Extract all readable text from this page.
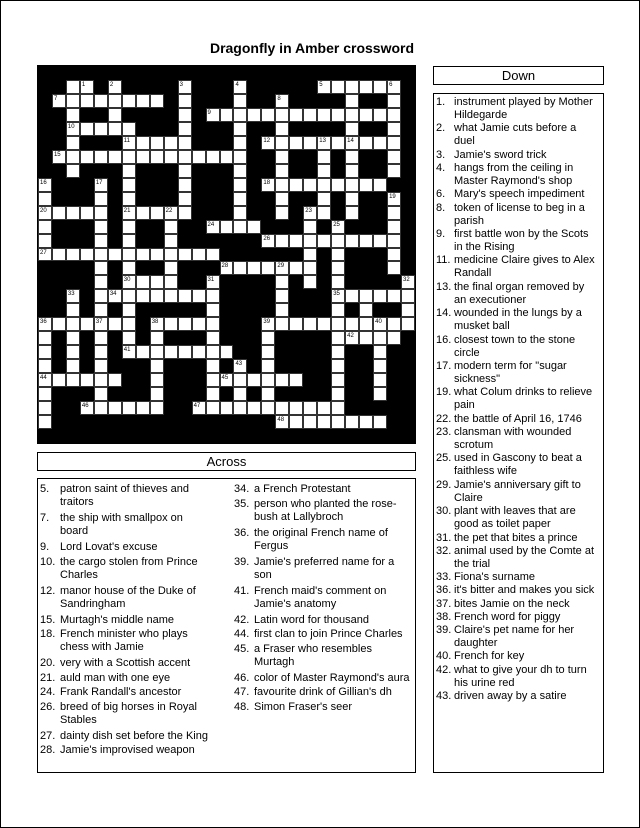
Dragonfly in Amber crossword
1	2	3	4	5	6
7	8
9
10
11	12	13	14
15
16	17	18
19
20	21	22	23
24	25
26
27
28	29
30	31	32
33	34	35
36	37	38	39	40
42
41
43
44	45
46	47
48
Down
1. instrument played by Mother Hildegarde
2. what Jamie cuts before a duel
3. Jamie's sword trick
4. hangs from the ceiling in Master Raymond's shop
6. Mary's speech impediment
8. token of license to beg in a parish
9. first battle won by the Scots in the Rising
11. medicine Claire gives to Alex Randall
13. the final organ removed by an executioner
14. wounded in the lungs by a musket ball
16. closest town to the stone circle
17. modern term for "sugar sickness"
19. what Colum drinks to relieve pain
22. the battle of April 16, 1746
23. clansman with wounded scrotum
25. used in Gascony to beat a faithless wife
29. Jamie's anniversary gift to Claire
30. plant with leaves that are good as toilet paper
31. the pet that bites a prince
32. animal used by the Comte at the trial
33. Fiona's surname
36. it's bitter and makes you sick
37. bites Jamie on the neck
38. French word for piggy
39. Claire's pet name for her daughter
40. French for key
42. what to give your dh to turn his urine red
43. driven away by a satire
Across
5. patron saint of thieves and traitors
7. the ship with smallpox on board
9. Lord Lovat's excuse
10. the cargo stolen from Prince Charles
12. manor house of the Duke of Sandringham
15. Murtagh's middle name
18. French minister who plays chess with Jamie
20. very with a Scottish accent
21. auld man with one eye
24. Frank Randall's ancestor
26. breed of big horses in Royal Stables
27. dainty dish set before the King
28. Jamie's improvised weapon
34. a French Protestant
35. person who planted the rose-bush at Lallybroch
36. the original French name of Fergus
39. Jamie's preferred name for a son
41. French maid's comment on Jamie's anatomy
42. Latin word for thousand
44. first clan to join Prince Charles
45. a Fraser who resembles Murtagh
46. color of Master Raymond's aura
47. favourite drink of Gillian's dh
48. Simon Fraser's seer
